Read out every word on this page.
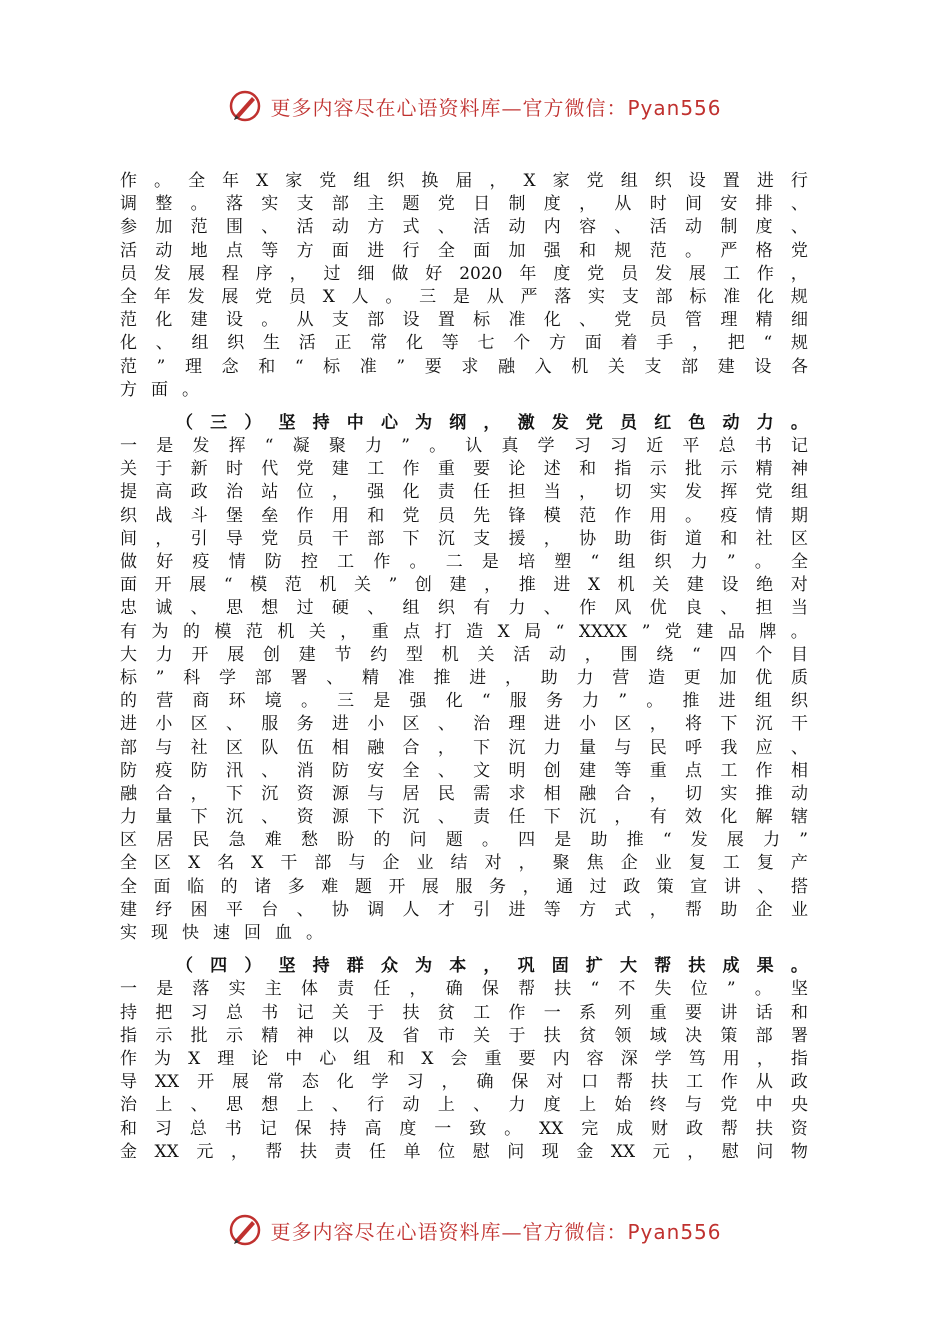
更多内容尽在心语资料库—官方微信：Pyan556
作 。 全 年 X 家 党 组 织 换 届 ， X 家 党 组 织 设 置 进 行
调 整 。 落 实 支 部 主 题 党 日 制 度 ， 从 时 间 安 排 、
参 加 范 围 、 活 动 方 式 、 活 动 内 容 、 活 动 制 度 、
活 动 地 点 等 方 面 进 行 全 面 加 强 和 规 范 。 严 格 党
员 发 展 程 序 ， 过 细 做 好 2020 年 度 党 员 发 展 工 作 ，
全 年 发 展 党 员 X 人 。 三 是 从 严 落 实 支 部 标 准 化 规
范 化 建 设 。 从 支 部 设 置 标 准 化 、 党 员 管 理 精 细
化 、 组 织 生 活 正 常 化 等 七 个 方 面 着 手 ， 把 “ 规
范 ” 理 念 和 “ 标 准 ” 要 求 融 入 机 关 支 部 建 设 各
方 面 。
（ 三 ） 坚 持 中 心 为 纲 ， 激 发 党 员 红 色 动 力 。
一 是 发 挥 “ 凝 聚 力 ” 。 认 真 学 习 习 近 平 总 书 记
关 于 新 时 代 党 建 工 作 重 要 论 述 和 指 示 批 示 精 神
提 高 政 治 站 位 ， 强 化 责 任 担 当 ， 切 实 发 挥 党 组
织 战 斗 堡 垒 作 用 和 党 员 先 锋 模 范 作 用 。 疫 情 期
间 ， 引 导 党 员 干 部 下 沉 支 援 ， 协 助 街 道 和 社 区
做 好 疫 情 防 控 工 作 。 二 是 培 塑 “ 组 织 力 ” 。 全
面 开 展 “ 模 范 机 关 ” 创 建 ， 推 进 X 机 关 建 设 绝 对
忠 诚 、 思 想 过 硬 、 组 织 有 力 、 作 风 优 良 、 担 当
有 为 的 模 范 机 关 ， 重 点 打 造 X 局 “ XXXX ” 党 建 品 牌 。
大 力 开 展 创 建 节 约 型 机 关 活 动 ， 围 绕 “ 四 个 目
标 ” 科 学 部 署 、 精 准 推 进 ， 助 力 营 造 更 加 优 质
的 营 商 环 境 。 三 是 强 化 “ 服 务 力 ” 。 推 进 组 织
进 小 区 、 服 务 进 小 区 、 治 理 进 小 区 ， 将 下 沉 干
部 与 社 区 队 伍 相 融 合 ， 下 沉 力 量 与 民 呼 我 应 、
防 疫 防 汛 、 消 防 安 全 、 文 明 创 建 等 重 点 工 作 相
融 合 ， 下 沉 资 源 与 居 民 需 求 相 融 合 ， 切 实 推 动
力 量 下 沉 、 资 源 下 沉 、 责 任 下 沉 ， 有 效 化 解 辖
区 居 民 急 难 愁 盼 的 问 题 。 四 是 助 推 “ 发 展 力 ”
全 区 X 名 X 干 部 与 企 业 结 对 ， 聚 焦 企 业 复 工 复 产
全 面 临 的 诸 多 难 题 开 展 服 务 ， 通 过 政 策 宣 讲 、 搭
建 纾 困 平 台 、 协 调 人 才 引 进 等 方 式 ， 帮 助 企 业
实 现 快 速 回 血 。
（ 四 ） 坚 持 群 众 为 本 ， 巩 固 扩 大 帮 扶 成 果 。
一 是 落 实 主 体 责 任 ， 确 保 帮 扶 “ 不 失 位 ” 。 坚
持 把 习 总 书 记 关 于 扶 贫 工 作 一 系 列 重 要 讲 话 和
指 示 批 示 精 神 以 及 省 市 关 于 扶 贫 领 域 决 策 部 署
作 为 X 理 论 中 心 组 和 X 会 重 要 内 容 深 学 笃 用 ， 指
导 XX 开 展 常 态 化 学 习 ， 确 保 对 口 帮 扶 工 作 从 政
治 上 、 思 想 上 、 行 动 上 、 力 度 上 始 终 与 党 中 央
和 习 总 书 记 保 持 高 度 一 致 。 XX 完 成 财 政 帮 扶 资
金 XX 元 ， 帮 扶 责 任 单 位 慰 问 现 金 XX 元 ， 慰 问 物
更多内容尽在心语资料库—官方微信：Pyan556
